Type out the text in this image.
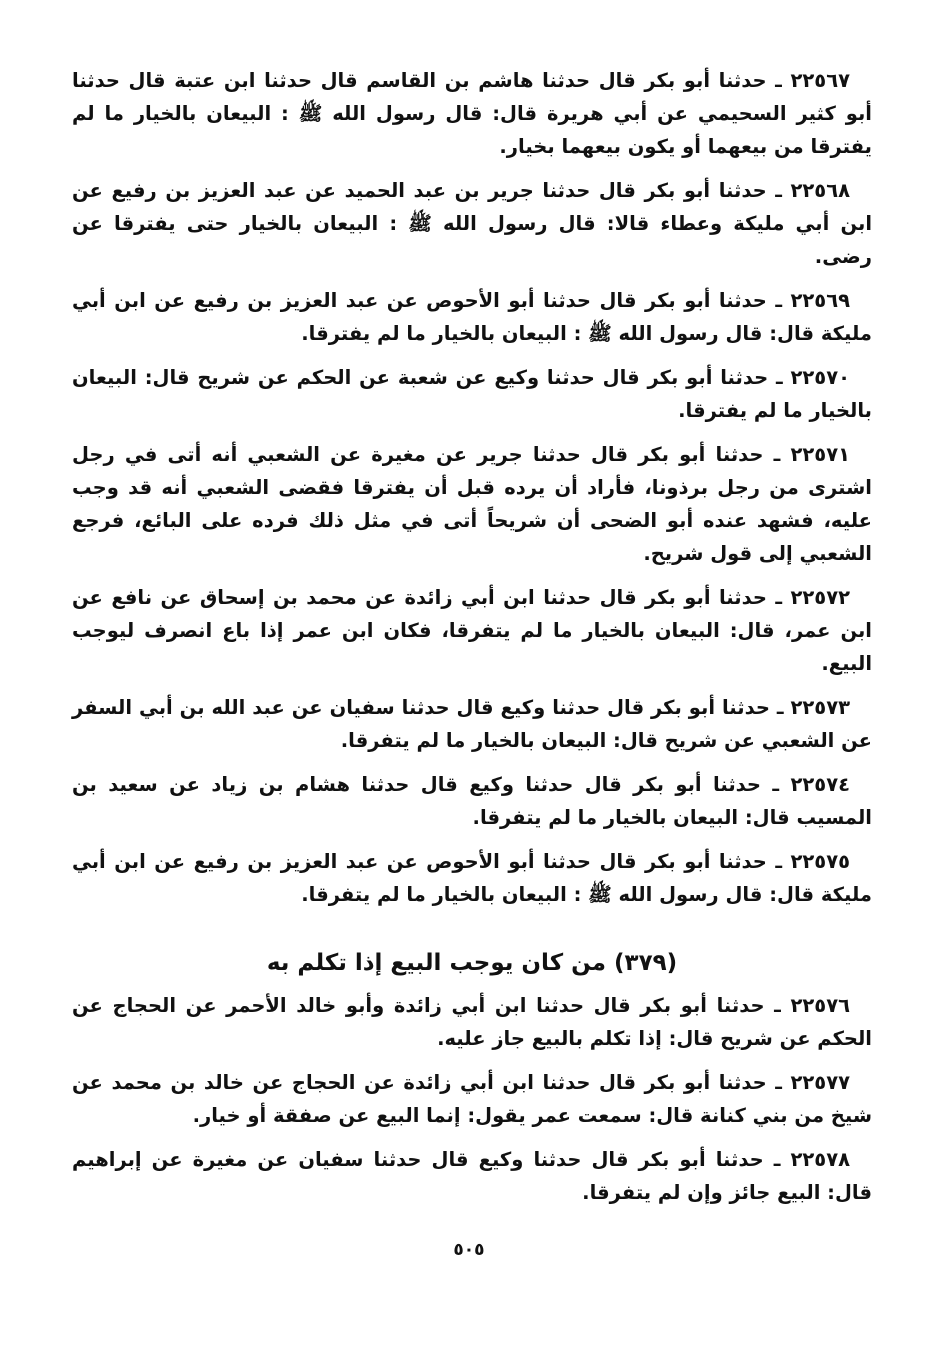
٢٢٥٦٧ ـ حدثنا أبو بكر قال حدثنا هاشم بن القاسم قال حدثنا ابن عتبة قال حدثنا أبو كثير السحيمي عن أبي هريرة قال: قال رسول الله ﷺ : البيعان بالخيار ما لم يفترقا من بيعهما أو يكون بيعهما بخيار.

٢٢٥٦٨ ـ حدثنا أبو بكر قال حدثنا جرير بن عبد الحميد عن عبد العزيز بن رفيع عن ابن أبي مليكة وعطاء قالا: قال رسول الله ﷺ : البيعان بالخيار حتى يفترقا عن رضى.

٢٢٥٦٩ ـ حدثنا أبو بكر قال حدثنا أبو الأحوص عن عبد العزيز بن رفيع عن ابن أبي مليكة قال: قال رسول الله ﷺ : البيعان بالخيار ما لم يفترقا.

٢٢٥٧٠ ـ حدثنا أبو بكر قال حدثنا وكيع عن شعبة عن الحكم عن شريح قال: البيعان بالخيار ما لم يفترقا.

٢٢٥٧١ ـ حدثنا أبو بكر قال حدثنا جرير عن مغيرة عن الشعبي أنه أتى في رجل اشترى من رجل برذونا، فأراد أن يرده قبل أن يفترقا فقضى الشعبي أنه قد وجب عليه، فشهد عنده أبو الضحى أن شريحاً أتى في مثل ذلك فرده على البائع، فرجع الشعبي إلى قول شريح.

٢٢٥٧٢ ـ حدثنا أبو بكر قال حدثنا ابن أبي زائدة عن محمد بن إسحاق عن نافع عن ابن عمر، قال: البيعان بالخيار ما لم يتفرقا، فكان ابن عمر إذا باع انصرف ليوجب البيع.

٢٢٥٧٣ ـ حدثنا أبو بكر قال حدثنا وكيع قال حدثنا سفيان عن عبد الله بن أبي السفر عن الشعبي عن شريح قال: البيعان بالخيار ما لم يتفرقا.

٢٢٥٧٤ ـ حدثنا أبو بكر قال حدثنا وكيع قال حدثنا هشام بن زياد عن سعيد بن المسيب قال: البيعان بالخيار ما لم يتفرقا.

٢٢٥٧٥ ـ حدثنا أبو بكر قال حدثنا أبو الأحوص عن عبد العزيز بن رفيع عن ابن أبي مليكة قال: قال رسول الله ﷺ : البيعان بالخيار ما لم يتفرقا.

(٣٧٩) من كان يوجب البيع إذا تكلم به

٢٢٥٧٦ ـ حدثنا أبو بكر قال حدثنا ابن أبي زائدة وأبو خالد الأحمر عن الحجاج عن الحكم عن شريح قال: إذا تكلم بالبيع جاز عليه.

٢٢٥٧٧ ـ حدثنا أبو بكر قال حدثنا ابن أبي زائدة عن الحجاج عن خالد بن محمد عن شيخ من بني كنانة قال: سمعت عمر يقول: إنما البيع عن صفقة أو خيار.

٢٢٥٧٨ ـ حدثنا أبو بكر قال حدثنا وكيع قال حدثنا سفيان عن مغيرة عن إبراهيم قال: البيع جائز وإن لم يتفرقا.

٥٠٥
